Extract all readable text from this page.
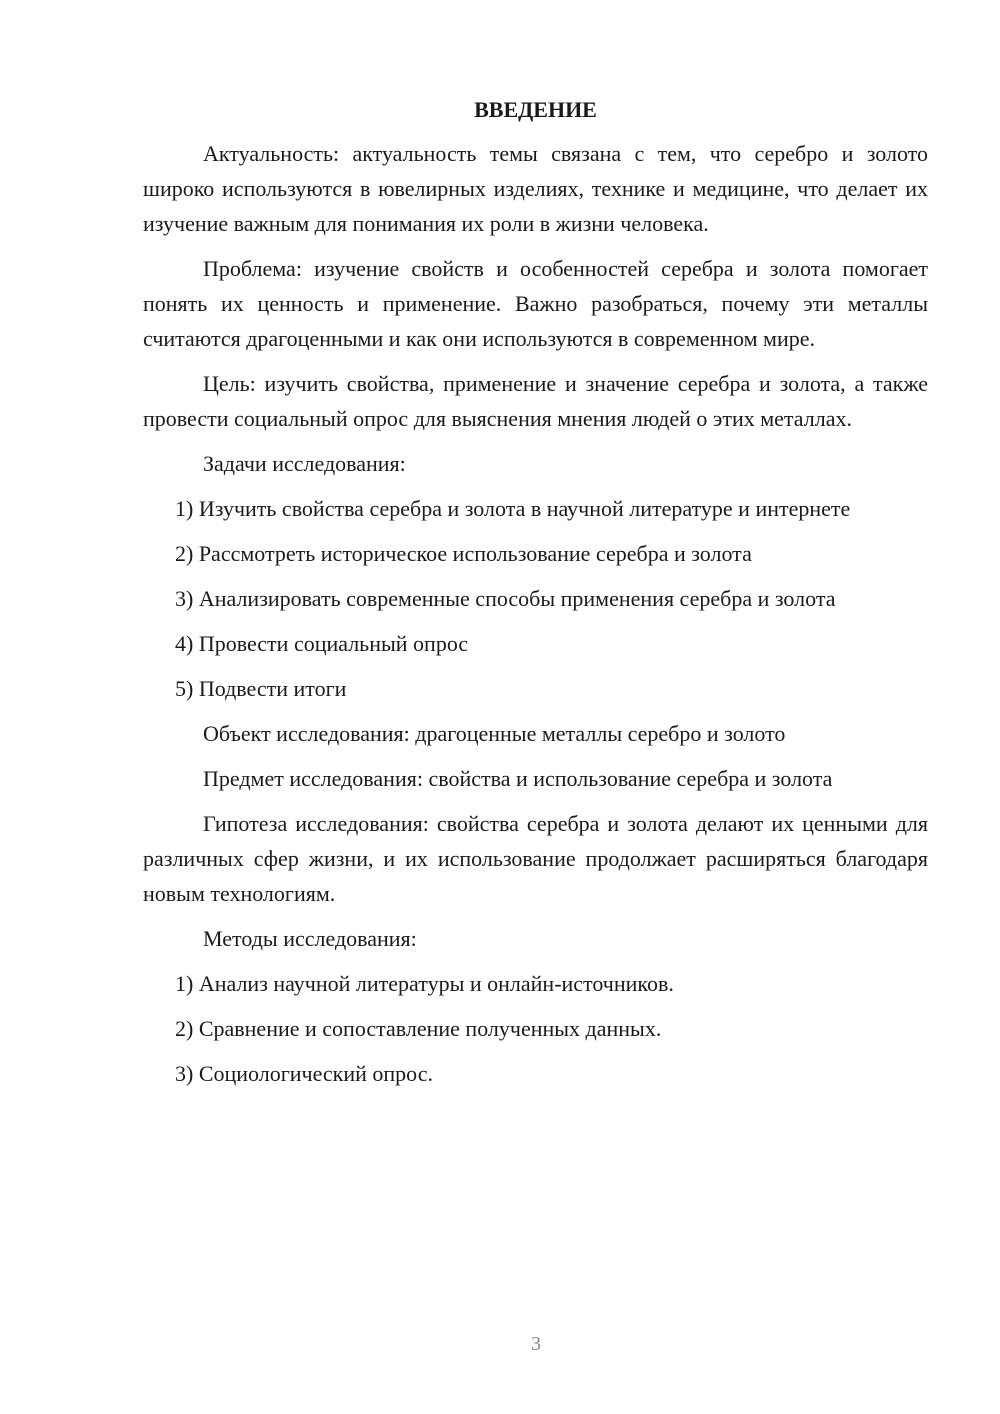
ВВЕДЕНИЕ

Актуальность: актуальность темы связана с тем, что серебро и золото широко используются в ювелирных изделиях, технике и медицине, что делает их изучение важным для понимания их роли в жизни человека.

Проблема: изучение свойств и особенностей серебра и золота помогает понять их ценность и применение. Важно разобраться, почему эти металлы считаются драгоценными и как они используются в современном мире.

Цель: изучить свойства, применение и значение серебра и золота, а также провести социальный опрос для выяснения мнения людей о этих металлах.

Задачи исследования:

1) Изучить свойства серебра и золота в научной литературе и интернете

2) Рассмотреть историческое использование серебра и золота

3) Анализировать современные способы применения серебра и золота

4) Провести социальный опрос

5) Подвести итоги

Объект исследования: драгоценные металлы серебро и золото

Предмет исследования: свойства и использование серебра и золота

Гипотеза исследования: свойства серебра и золота делают их ценными для различных сфер жизни, и их использование продолжает расширяться благодаря новым технологиям.

Методы исследования:

1) Анализ научной литературы и онлайн-источников.

2) Сравнение и сопоставление полученных данных.

3) Социологический опрос.

3
